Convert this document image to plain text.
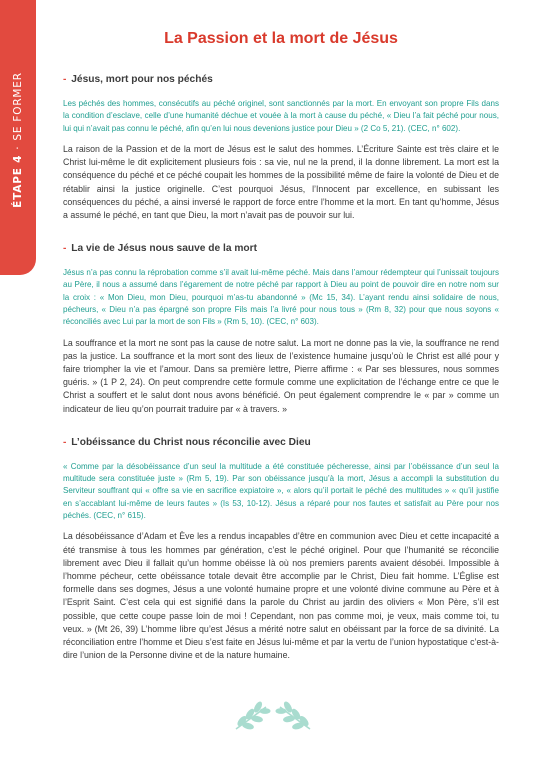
ÉTAPE 4·SE FORMER
La Passion et la mort de Jésus
- Jésus, mort pour nos péchés

Les péchés des hommes, consécutifs au péché originel, sont sanctionnés par la mort. En envoyant son propre Fils dans la condition d’esclave, celle d’une humanité déchue et vouée à la mort à cause du péché, « Dieu l’a fait péché pour nous, lui qui n’avait pas connu le péché, afin qu’en lui nous devenions justice pour Dieu » (2 Co 5, 21). (CEC, n° 602).

La raison de la Passion et de la mort de Jésus est le salut des hommes. L’Écriture Sainte est très claire et le Christ lui-même le dit explicitement plusieurs fois : sa vie, nul ne la prend, il la donne librement. La mort est la conséquence du péché et ce péché coupait les hommes de la possibilité même de faire la volonté de Dieu et de rétablir ainsi la justice originelle. C’est pourquoi Jésus, l’Innocent par excellence, en subissant les conséquences du péché, a ainsi inversé le rapport de force entre l’homme et la mort. En tant qu’homme, Jésus a assumé le péché, en tant que Dieu, la mort n’avait pas de pouvoir sur lui.

- La vie de Jésus nous sauve de la mort

Jésus n’a pas connu la réprobation comme s’il avait lui-même péché. Mais dans l’amour rédempteur qui l’unissait toujours au Père, il nous a assumé dans l’égarement de notre péché par rapport à Dieu au point de pouvoir dire en notre nom sur la croix : « Mon Dieu, mon Dieu, pourquoi m’as-tu abandonné » (Mc 15, 34). L’ayant rendu ainsi solidaire de nous, pécheurs, « Dieu n’a pas épargné son propre Fils mais l’a livré pour nous tous » (Rm 8, 32) pour que nous soyons « réconciliés avec Lui par la mort de son Fils » (Rm 5, 10). (CEC, n° 603).

La souffrance et la mort ne sont pas la cause de notre salut. La mort ne donne pas la vie, la souffrance ne rend pas la justice. La souffrance et la mort sont des lieux de l’existence humaine jusqu’où le Christ est allé pour y faire triompher la vie et l’amour. Dans sa première lettre, Pierre affirme : « Par ses blessures, nous sommes guéris. » (1 P 2, 24). On peut comprendre cette formule comme une explicitation de l’échange entre ce que le Christ a souffert et le salut dont nous avons bénéficié. On peut également comprendre le « par » comme un indicateur de lieu qu’on pourrait traduire par « à travers. »

- L’obéissance du Christ nous réconcilie avec Dieu

« Comme par la désobéissance d’un seul la multitude a été constituée pécheresse, ainsi par l’obéissance d’un seul la multitude sera constituée juste » (Rm 5, 19). Par son obéissance jusqu’à la mort, Jésus a accompli la substitution du Serviteur souffrant qui « offre sa vie en sacrifice expiatoire », « alors qu’il portait le péché des multitudes » « qu’il justifie en s’accablant lui-même de leurs fautes » (Is 53, 10-12). Jésus a réparé pour nos fautes et satisfait au Père pour nos péchés. (CEC, n° 615).

La désobéissance d’Adam et Ève les a rendus incapables d’être en communion avec Dieu et cette incapacité a été transmise à tous les hommes par génération, c’est le péché originel. Pour que l’humanité se réconcilie librement avec Dieu il fallait qu’un homme obéisse là où nos premiers parents avaient désobéi. Impossible à l’homme pécheur, cette obéissance totale devait être accomplie par le Christ, Dieu fait homme. L’Église est formelle dans ses dogmes, Jésus a une volonté humaine propre et une volonté divine commune au Père et à l’Esprit Saint. C’est cela qui est signifié dans la parole du Christ au jardin des oliviers « Mon Père, s’il est possible, que cette coupe passe loin de moi ! Cependant, non pas comme moi, je veux, mais comme toi, tu veux. » (Mt 26, 39) L’homme libre qu’est Jésus a mérité notre salut en obéissant par la force de sa divinité. La réconciliation entre l’homme et Dieu s’est faite en Jésus lui-même et par la vertu de l’union hypostatique c’est-à-dire l’union de la Personne divine et de la nature humaine.
